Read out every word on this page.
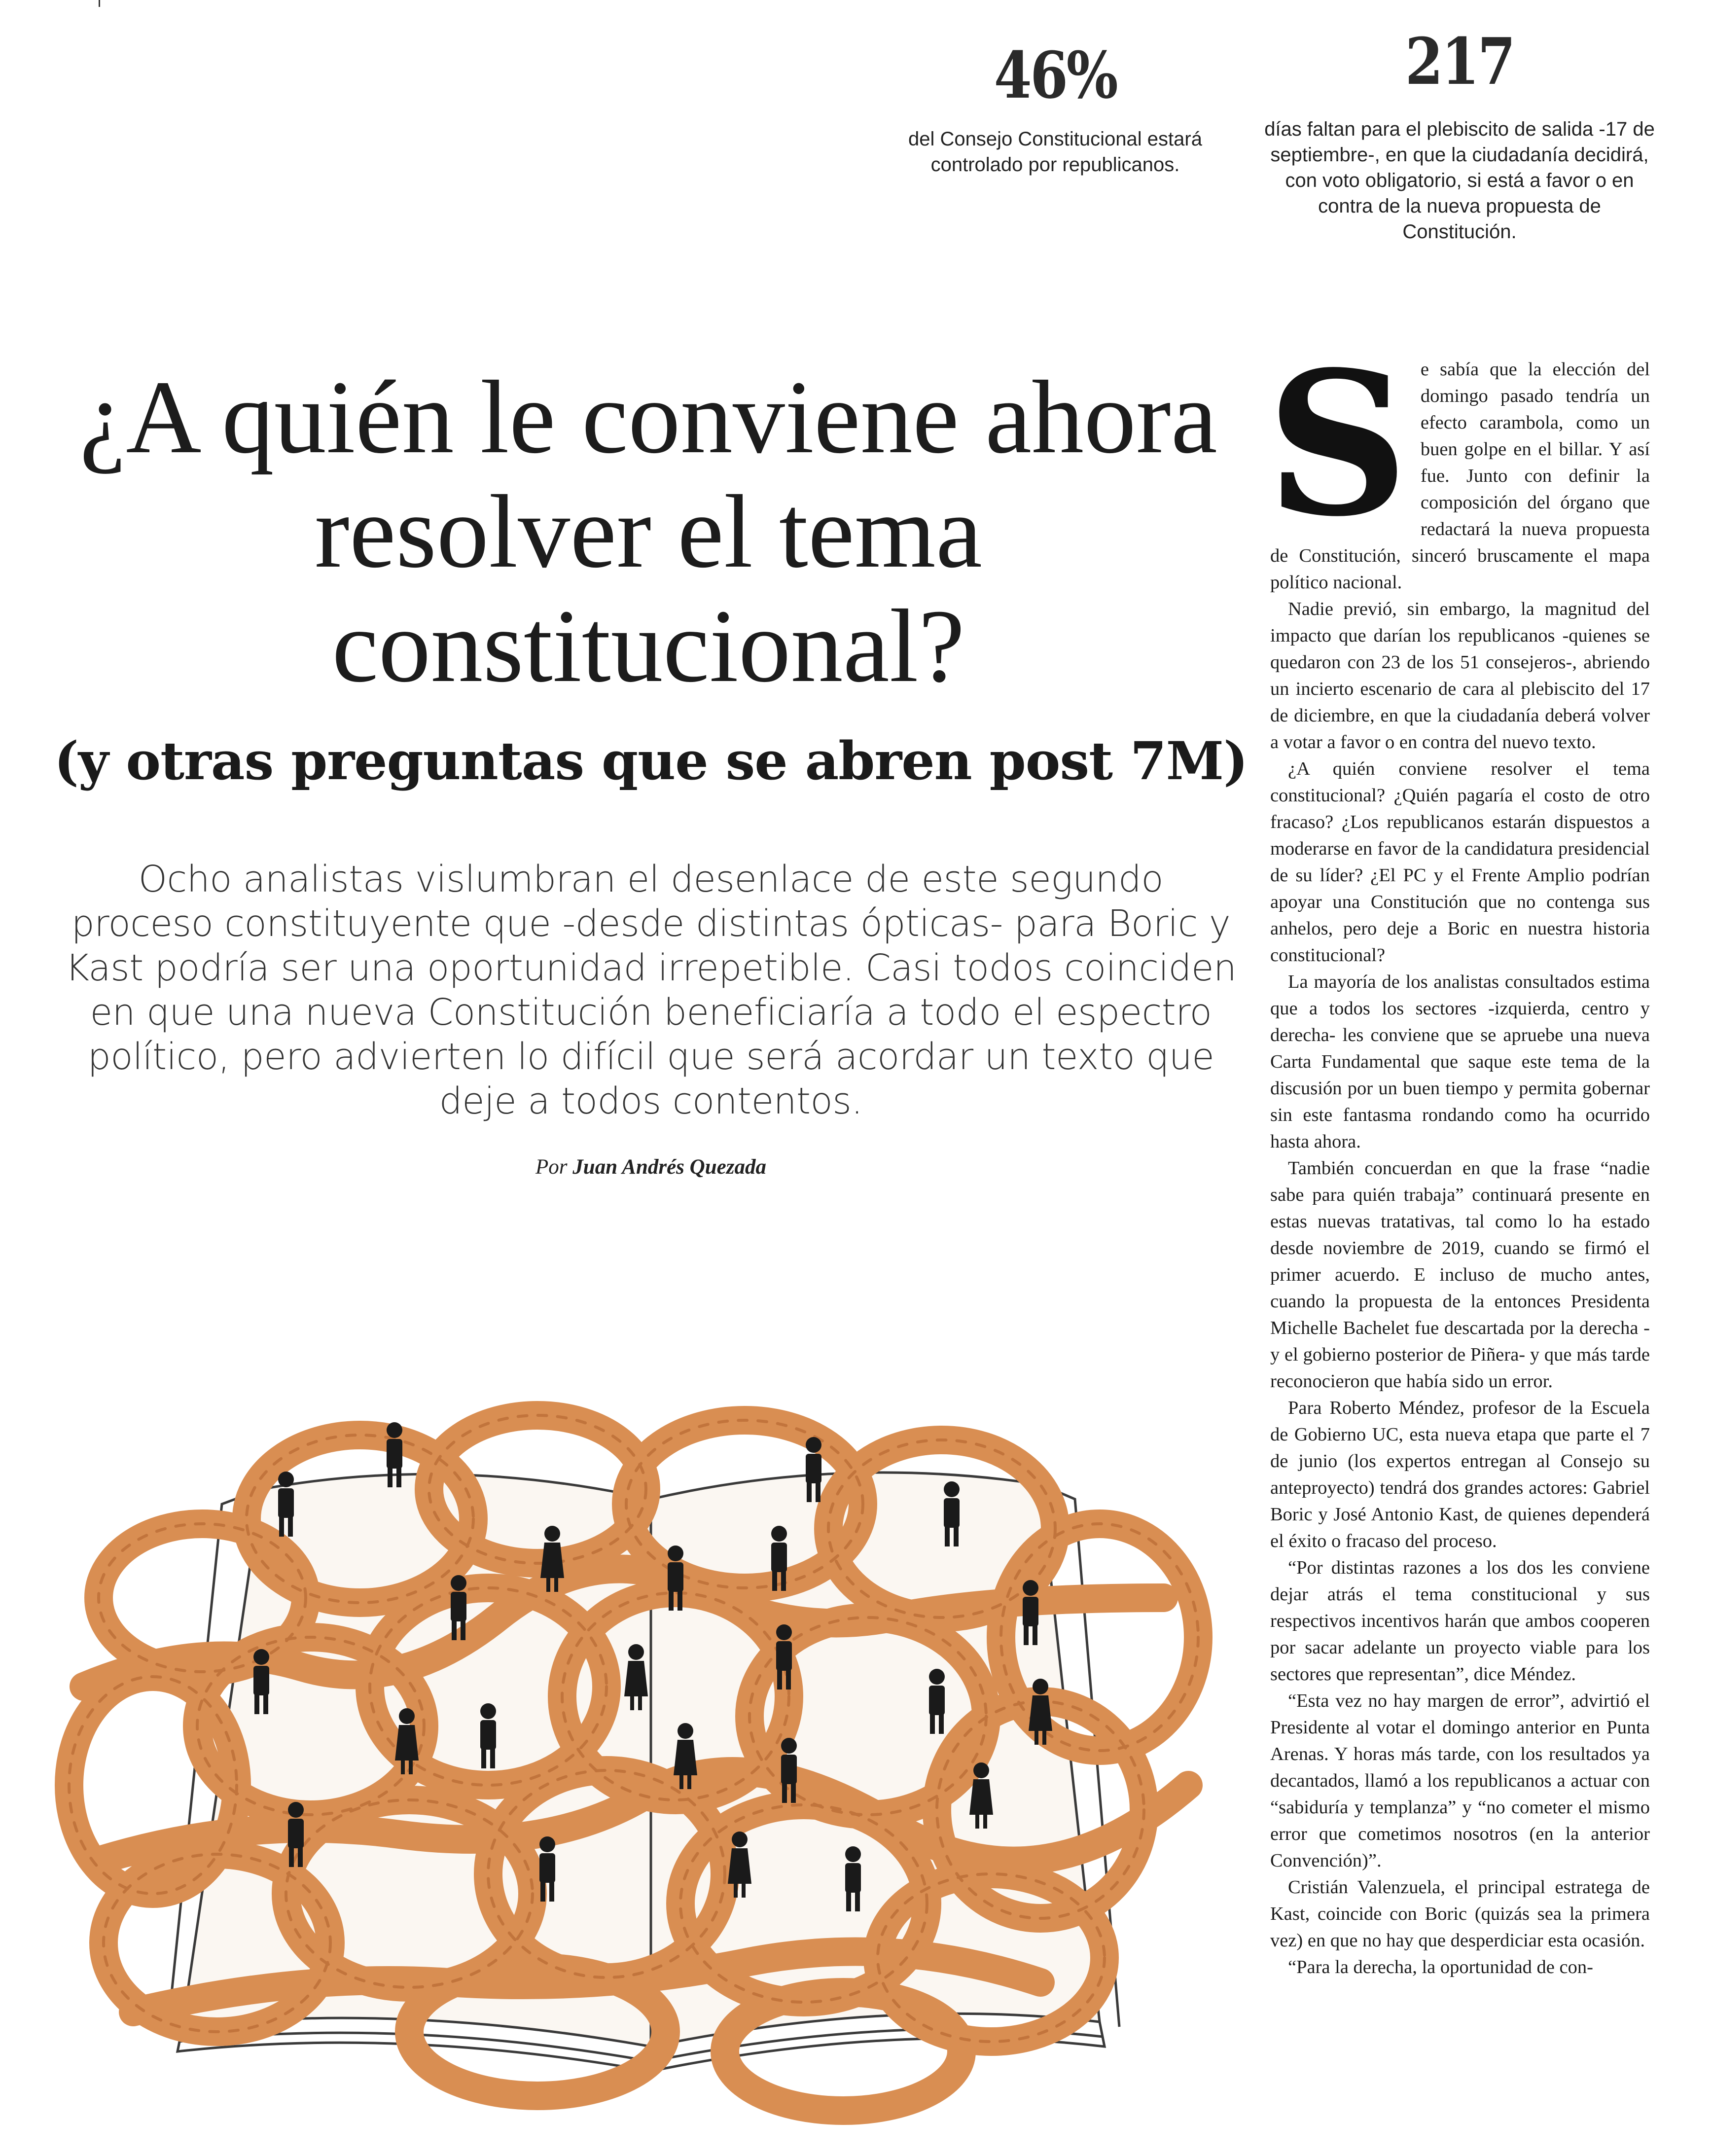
46%
del Consejo Constitucional estará controlado por republicanos.
217
días faltan para el plebiscito de salida -17 de septiembre-, en que la ciudadanía decidirá, con voto obligatorio, si está a favor o en contra de la nueva propuesta de Constitución.
¿A quién le conviene ahora resolver el tema constitucional?
(y otras preguntas que se abren post 7M)

Ocho analistas vislumbran el desenlace de este segundo proceso constituyente que -desde distintas ópticas- para Boric y Kast podría ser una oportunidad irrepetible. Casi todos coinciden en que una nueva Constitución beneficiaría a todo el espectro político, pero advierten lo difícil que será acordar un texto que deje a todos contentos.

Por Juan Andrés Quezada
S e sabía que la elección del domingo pasado tendría un efecto carambola, como un buen golpe en el billar. Y así fue. Junto con definir la composición del órgano que redactará la nueva propuesta de Constitución, sinceró bruscamente el mapa político nacional.

Nadie previó, sin embargo, la magnitud del impacto que darían los republicanos -quienes se quedaron con 23 de los 51 consejeros-, abriendo un incierto escenario de cara al plebiscito del 17 de diciembre, en que la ciudadanía deberá volver a votar a favor o en contra del nuevo texto.

¿A quién conviene resolver el tema constitucional? ¿Quién pagaría el costo de otro fracaso? ¿Los republicanos estarán dispuestos a moderarse en favor de la candidatura presidencial de su líder? ¿El PC y el Frente Amplio podrían apoyar una Constitución que no contenga sus anhelos, pero deje a Boric en nuestra historia constitucional?

La mayoría de los analistas consultados estima que a todos los sectores -izquierda, centro y derecha- les conviene que se apruebe una nueva Carta Fundamental que saque este tema de la discusión por un buen tiempo y permita gobernar sin este fantasma rondando como ha ocurrido hasta ahora.

También concuerdan en que la frase “nadie sabe para quién trabaja” continuará presente en estas nuevas tratativas, tal como lo ha estado desde noviembre de 2019, cuando se firmó el primer acuerdo. E incluso de mucho antes, cuando la propuesta de la entonces Presidenta Michelle Bachelet fue descartada por la derecha -y el gobierno posterior de Piñera- y que más tarde reconocieron que había sido un error.

Para Roberto Méndez, profesor de la Escuela de Gobierno UC, esta nueva etapa que parte el 7 de junio (los expertos entregan al Consejo su anteproyecto) tendrá dos grandes actores: Gabriel Boric y José Antonio Kast, de quienes dependerá el éxito o fracaso del proceso.

“Por distintas razones a los dos les conviene dejar atrás el tema constitucional y sus respectivos incentivos harán que ambos cooperen por sacar adelante un proyecto viable para los sectores que representan”, dice Méndez.

“Esta vez no hay margen de error”, advirtió el Presidente al votar el domingo anterior en Punta Arenas. Y horas más tarde, con los resultados ya decantados, llamó a los republicanos a actuar con “sabiduría y templanza” y “no cometer el mismo error que cometimos nosotros (en la anterior Convención)”.

Cristián Valenzuela, el principal estratega de Kast, coincide con Boric (quizás sea la primera vez) en que no hay que desperdiciar esta ocasión.

“Para la derecha, la oportunidad de con-
